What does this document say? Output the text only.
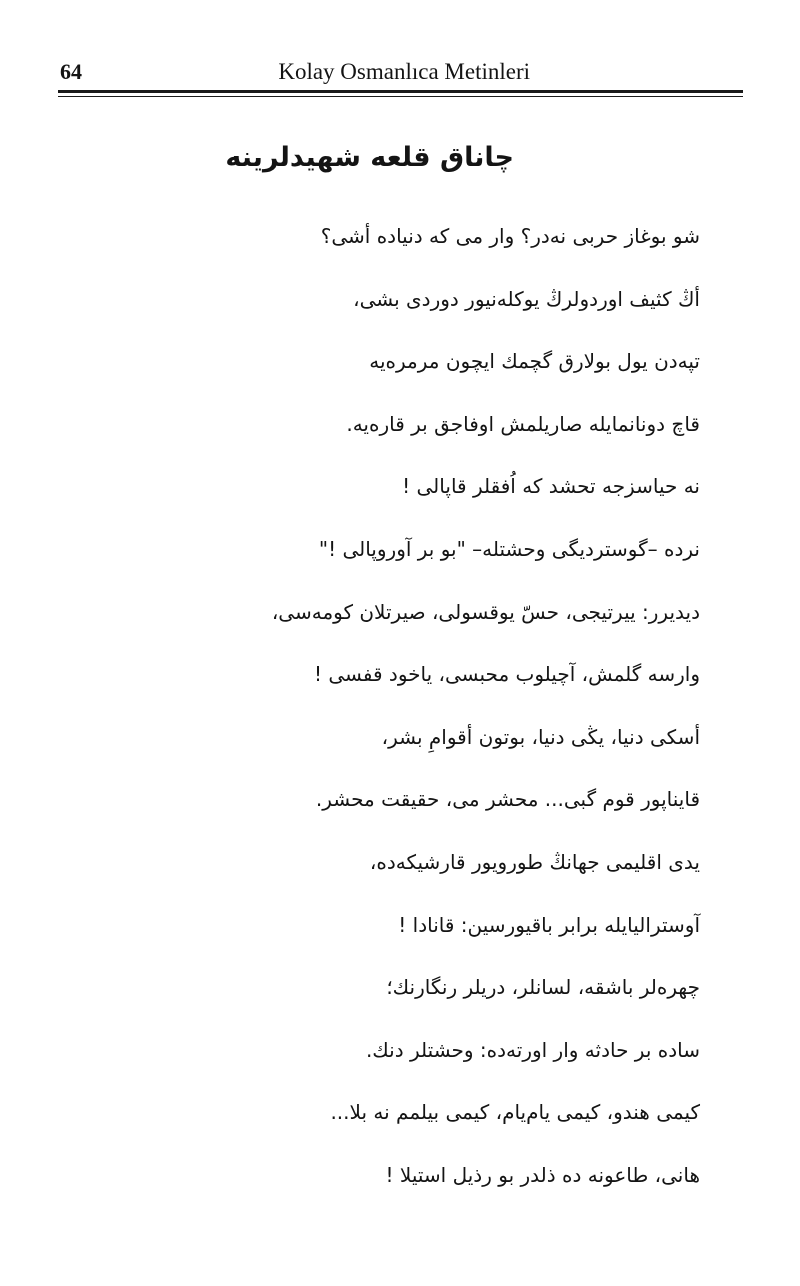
64	Kolay Osmanlıca Metinleri
چاناق قلعه شهیدلرینه
شو بوغاز حربی نه‌در؟ وار می که دنیاده أشی؟
أڭ كثیف اوردولرڭ یوكله‌نیور دوردی بشی،
تپه‌دن یول بولارق گچمك ایچون مرمره‌یه
قاچ دونانمایله صاریلمش اوفاجق بر قاره‌یه.
نه حیاسزجه تحشد كه اُفقلر قاپالی !
نرده –گوسترديگی وحشتله– "بو بر آوروپالی !"
دیدیرر: ییرتیجی، حسّ یوقسولی، صیرتلان كومه‌سی،
وارسه گلمش، آچیلوب محبسی، یاخود قفسی !
أسكی دنیا، یڭی دنیا، بوتون أقوامِ بشر،
قایناپور قوم گبی... محشر می، حقیقت محشر.
یدی اقلیمی جهانڭ طورویور قارشیكه‌ده،
آوسترالیایله برابر باقیورسین: قانادا !
چهره‌لر باشقه، لسانلر، دریلر رنگارنك؛
ساده بر حادثه وار اورته‌ده: وحشتلر دنك.
كیمی هندو، كیمی یام‌یام، كیمی بیلمم نه بلا...
هانی، طاعونه ده ذلدر بو رذیل استیلا !
